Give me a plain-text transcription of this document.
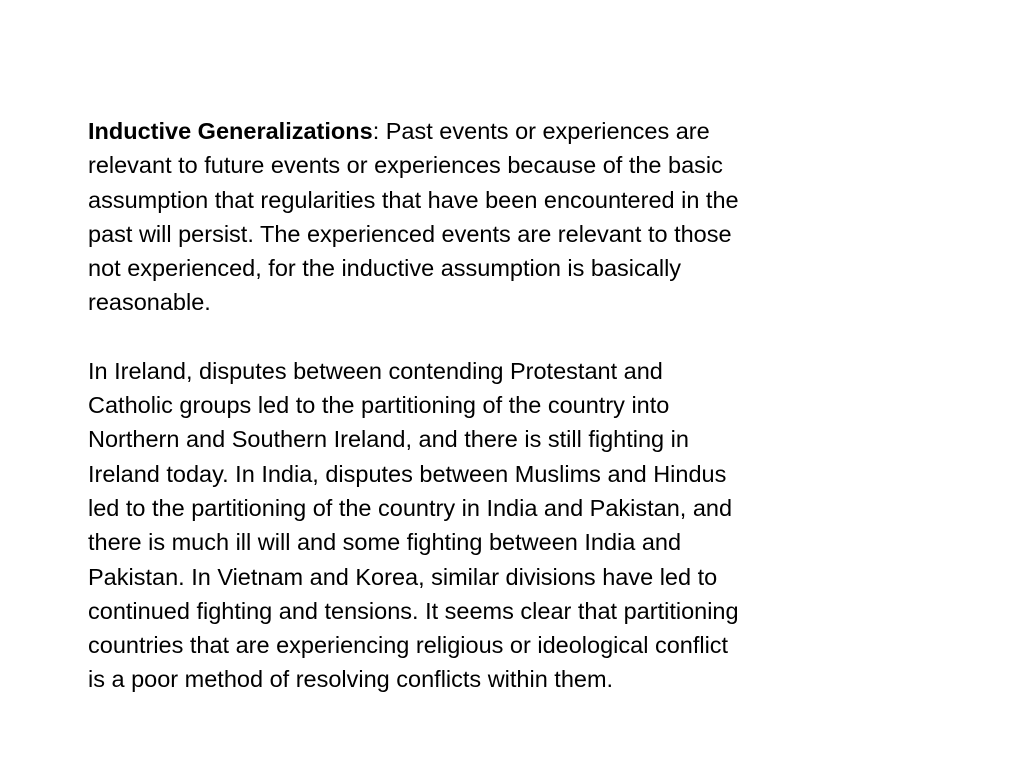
Inductive Generalizations: Past events or experiences are
relevant to future events or experiences because of the basic
assumption that regularities that have been encountered in the
past will persist. The experienced events are relevant to those
not experienced, for the inductive assumption is basically
reasonable.

In Ireland, disputes between contending Protestant and
Catholic groups led to the partitioning of the country into
Northern and Southern Ireland, and there is still fighting in
Ireland today. In India, disputes between Muslims and Hindus
led to the partitioning of the country in India and Pakistan, and
there is much ill will and some fighting between India and
Pakistan. In Vietnam and Korea, similar divisions have led to
continued fighting and tensions. It seems clear that partitioning
countries that are experiencing religious or ideological conflict
is a poor method of resolving conflicts within them.
